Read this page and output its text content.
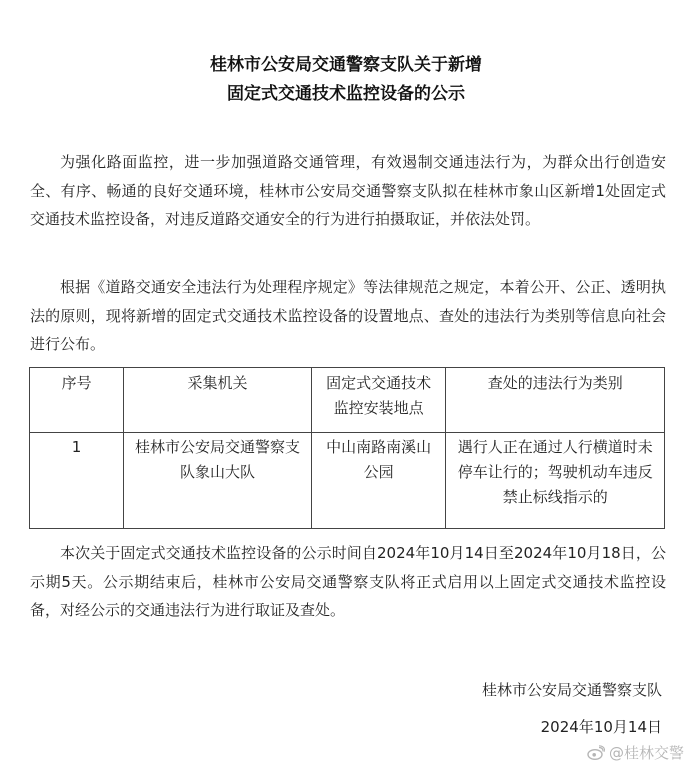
桂林市公安局交通警察支队关于新增
固定式交通技术监控设备的公示

为强化路面监控，进一步加强道路交通管理，有效遏制交通违法行为，为群众出行创造安全、有序、畅通的良好交通环境，桂林市公安局交通警察支队拟在桂林市象山区新增1处固定式交通技术监控设备，对违反道路交通安全的行为进行拍摄取证，并依法处罚。

根据《道路交通安全违法行为处理程序规定》等法律规范之规定，本着公开、公正、透明执法的原则，现将新增的固定式交通技术监控设备的设置地点、查处的违法行为类别等信息向社会进行公布。

序号	采集机关	固定式交通技术监控安装地点	查处的违法行为类别
1	桂林市公安局交通警察支队象山大队	中山南路南溪山公园	遇行人正在通过人行横道时未停车让行的；驾驶机动车违反禁止标线指示的

本次关于固定式交通技术监控设备的公示时间自2024年10月14日至2024年10月18日，公示期5天。公示期结束后，桂林市公安局交通警察支队将正式启用以上固定式交通技术监控设备，对经公示的交通违法行为进行取证及查处。

桂林市公安局交通警察支队
2024年10月14日
@桂林交警
